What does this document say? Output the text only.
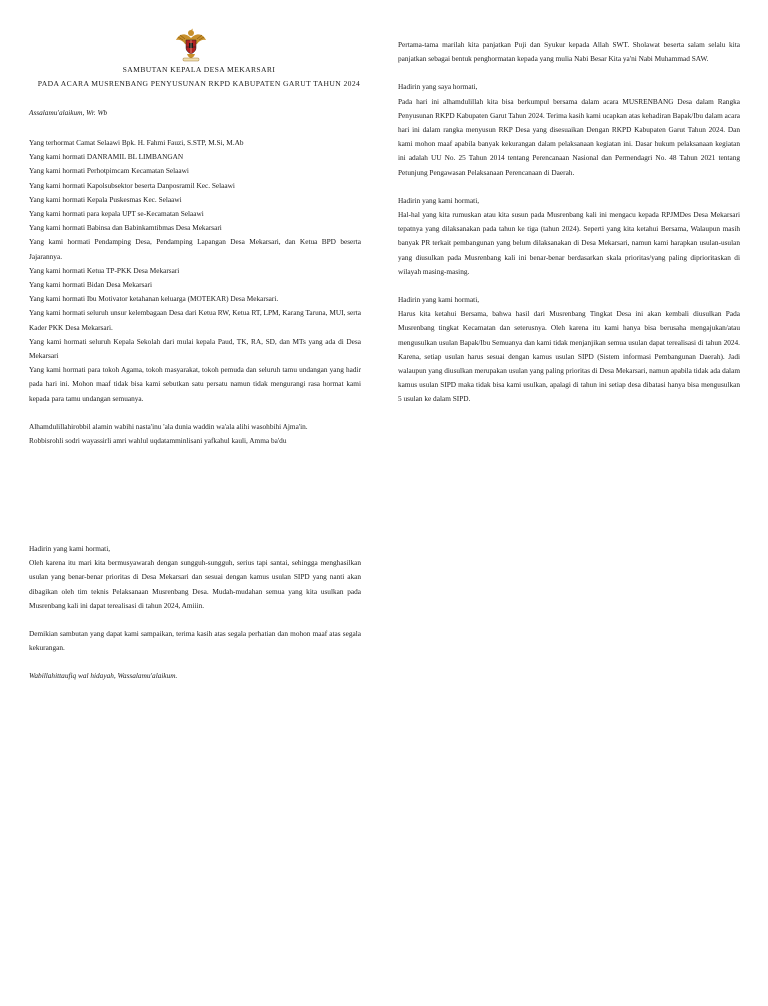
SAMBUTAN KEPALA DESA MEKARSARI
PADA ACARA MUSRENBANG PENYUSUNAN RKPD KABUPATEN GARUT TAHUN 2024
Assalamu'alaikum, Wr. Wb
Yang terhormat Camat Selaawi Bpk. H. Fahmi Fauzi, S.STP, M.Si, M.Ab
Yang kami hormati DANRAMIL BL LIMBANGAN
Yang kami hormati Perhotpimcam Kecamatan Selaawi
Yang kami hormati Kapolsubsektor beserta Danposramil Kec. Selaawi
Yang kami hormati Kepala Puskesmas Kec. Selaawi
Yang kami hormati para kepala UPT se-Kecamatan Selaawi
Yang kami hormati Babinsa dan Babinkamtibmas Desa Mekarsari
Yang kami hormati Pendamping Desa, Pendamping Lapangan Desa Mekarsari, dan Ketua BPD beserta Jajarannya.
Yang kami hormati Ketua TP-PKK Desa Mekarsari
Yang kami hormati Bidan Desa Mekarsari
Yang kami hormati Ibu Motivator ketahanan keluarga (MOTEKAR) Desa Mekarsari.
Yang kami hormati seluruh unsur kelembagaan Desa dari Ketua RW, Ketua RT, LPM, Karang Taruna, MUI, serta Kader PKK Desa Mekarsari.
Yang kami hormati seluruh Kepala Sekolah dari mulai kepala Paud, TK, RA, SD, dan MTs yang ada di Desa Mekarsari
Yang kami hormati para tokoh Agama, tokoh masyarakat, tokoh pemuda dan seluruh tamu undangan yang hadir pada hari ini. Mohon maaf tidak bisa kami sebutkan satu persatu namun tidak mengurangi rasa hormat kami kepada para tamu undangan semuanya.
Alhamdulillahirobbil alamin wabihi nasta'inu 'ala dunia waddin wa'ala alihi wasohbihi Ajma'in.
Robbisrohli sodri wayassirli amri wahlul uqdatamminlisani yafkahul kauli, Amma ba'du

Pertama-tama marilah kita panjatkan Puji dan Syukur kepada Allah SWT. Sholawat beserta salam selalu kita panjatkan sebagai bentuk penghormatan kepada yang mulia Nabi Besar Kita ya'ni Nabi Muhammad SAW.

Hadirin yang saya hormati,

Pada hari ini alhamdulillah kita bisa berkumpul bersama dalam acara MUSRENBANG Desa dalam Rangka Penyusunan RKPD Kabupaten Garut Tahun 2024. Terima kasih kami ucapkan atas kehadiran Bapak/Ibu dalam acara hari ini dalam rangka menyusun RKP Desa yang disesuaikan Dengan RKPD Kabupaten Garut Tahun 2024. Dan kami mohon maaf apabila banyak kekurangan dalam pelaksanaan kegiatan ini. Dasar hukum pelaksanaan kegiatan ini adalah UU No. 25 Tahun 2014 tentang Perencanaan Nasional dan Permendagri No. 48 Tahun 2021 tentang Petunjung Pengawasan Pelaksanaan Perencanaan di Daerah.

Hadirin yang kami hormati,

Hal-hal yang kita rumuskan atau kita susun pada Musrenbang kali ini mengacu kepada RPJMDes Desa Mekarsari tepatnya yang dilaksanakan pada tahun ke tiga (tahun 2024). Seperti yang kita ketahui Bersama, Walaupun masih banyak PR terkait pembangunan yang belum dilaksanakan di Desa Mekarsari, namun kami harapkan usulan-usulan yang diusulkan pada Musrenbang kali ini benar-benar berdasarkan skala prioritas/yang paling diprioritaskan di wilayah masing-masing.

Hadirin yang kami hormati,

Harus kita ketahui Bersama, bahwa hasil dari Musrenbang Tingkat Desa ini akan kembali diusulkan Pada Musrenbang tingkat Kecamatan dan seterusnya. Oleh karena itu kami hanya bisa berusaha mengajukan/atau mengusulkan usulan Bapak/Ibu Semuanya dan kami tidak menjanjikan semua usulan dapat terealisasi di tahun 2024. Karena, setiap usulan harus sesuai dengan kamus usulan SIPD (Sistem informasi Pembangunan Daerah). Jadi walaupun yang diusulkan merupakan usulan yang paling prioritas di Desa Mekarsari, namun apabila tidak ada dalam kamus usulan SIPD maka tidak bisa kami usulkan, apalagi di tahun ini setiap desa dibatasi hanya bisa mengusulkan 5 usulan ke dalam SIPD.

Hadirin yang kami hormati,

Oleh karena itu mari kita bermusyawarah dengan sungguh-sungguh, serius tapi santai, sehingga menghasilkan usulan yang benar-benar prioritas di Desa Mekarsari dan sesuai dengan kamus usulan SIPD yang nanti akan dibagikan oleh tim teknis Pelaksanaan Musrenbang Desa. Mudah-mudahan semua yang kita usulkan pada Musrenbang kali ini dapat terealisasi di tahun 2024, Amiiin.

Demikian sambutan yang dapat kami sampaikan, terima kasih atas segala perhatian dan mohon maaf atas segala kekurangan.

Wabillahittaufiq wal hidayah, Wassalamu'alaikum.
